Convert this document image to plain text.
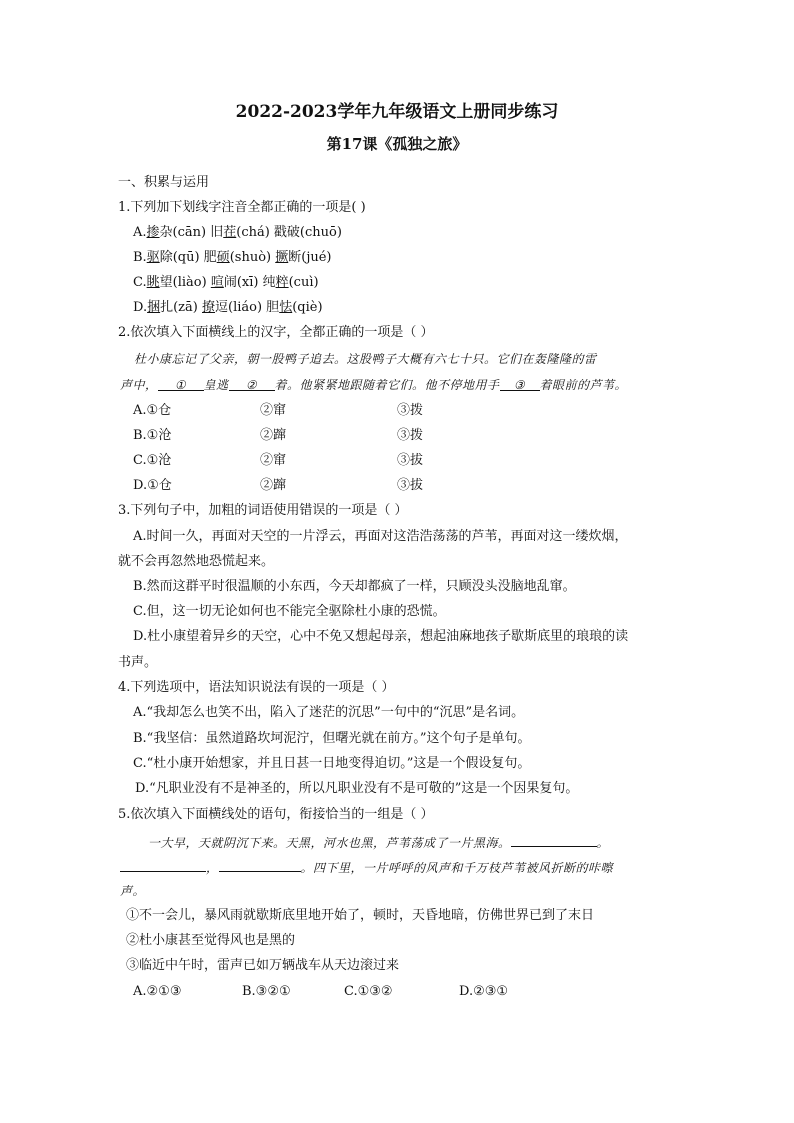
2022-2023学年九年级语文上册同步练习
第17课《孤独之旅》
一、积累与运用
1.下列加下划线字注音全都正确的一项是( )
A.掺杂(cān) 旧茬(chá) 戳破(chuō)
B.驱除(qū) 肥硕(shuò) 撅断(jué)
C.眺望(liào) 喧闹(xī) 纯粹(cuì)
D.捆扎(zā) 撩逗(liáo) 胆怯(qiè)
2.依次填入下面横线上的汉字，全都正确的一项是（ ）
杜小康忘记了父亲，朝一股鸭子追去。这股鸭子大概有六七十只。它们在轰隆隆的雷
声中， ① 皇逃 ② 着。他紧紧地跟随着它们。他不停地用手 ③ 着眼前的芦苇。
A.①仓	②窜	③拨
B.①沧	②蹿	③拨
C.①沧	②窜	③拔
D.①仓	②蹿	③拔
3.下列句子中，加粗的词语使用错误的一项是（ ）
A.时间一久，再面对天空的一片浮云，再面对这浩浩荡荡的芦苇，再面对这一缕炊烟，
就不会再忽然地恐慌起来。
B.然而这群平时很温顺的小东西，今天却都疯了一样，只顾没头没脑地乱窜。
C.但，这一切无论如何也不能完全驱除杜小康的恐慌。
D.杜小康望着异乡的天空，心中不免又想起母亲，想起油麻地孩子歇斯底里的琅琅的读
书声。
4.下列选项中，语法知识说法有误的一项是（ ）
A.“我却怎么也笑不出，陷入了迷茫的沉思”一句中的“沉思”是名词。
B.“我坚信：虽然道路坎坷泥泞，但曙光就在前方。”这个句子是单句。
C.“杜小康开始想家，并且日甚一日地变得迫切。”这是一个假设复句。
D.“凡职业没有不是神圣的，所以凡职业没有不是可敬的”这是一个因果复句。
5.依次填入下面横线处的语句，衔接恰当的一组是（ ）
一大早，天就阴沉下来。天黑，河水也黑，芦苇荡成了一片黑海。	。
，	。四下里，一片呼呼的风声和千万枝芦苇被风折断的咔嚓
声。
①不一会儿，暴风雨就歇斯底里地开始了，顿时，天昏地暗，仿佛世界已到了末日
②杜小康甚至觉得风也是黑的
③临近中午时，雷声已如万辆战车从天边滚过来
A.②①③	B.③②①	C.①③②	D.②③①
